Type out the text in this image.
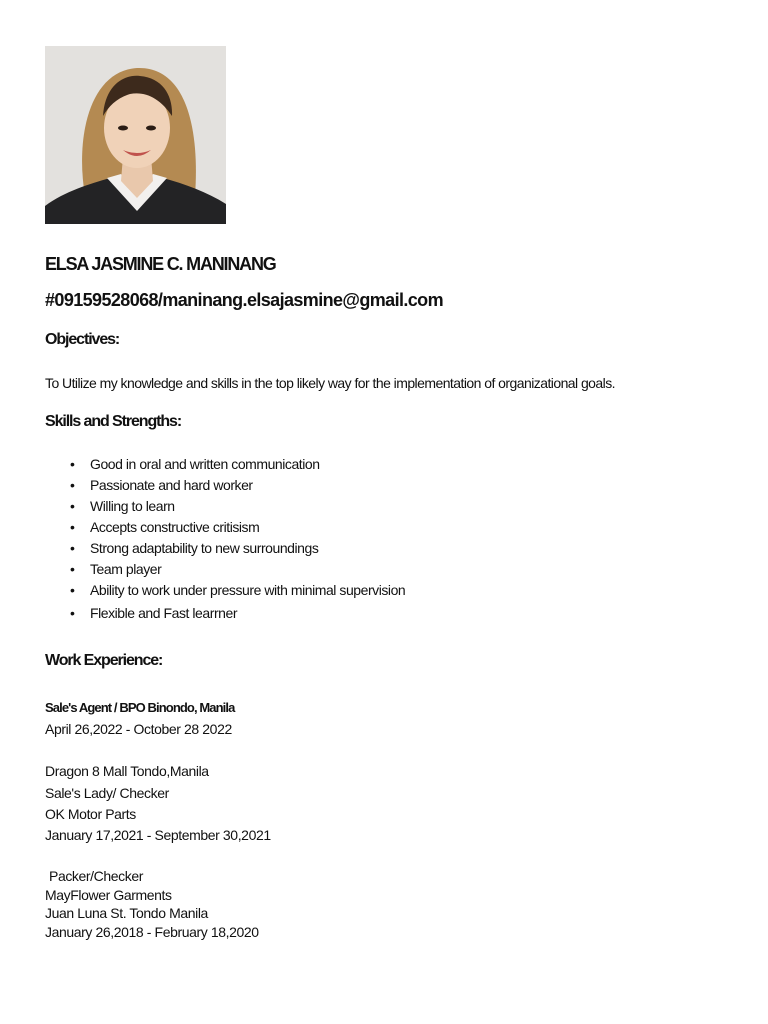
ELSA JASMINE C. MANINANG
#09159528068/maninang.elsajasmine@gmail.com
Objectives:
To Utilize my knowledge and skills in the top likely way for the implementation of organizational goals.
Skills and Strengths:
• Good in oral and written communication
• Passionate and hard worker
• Willing to learn
• Accepts constructive critisism
• Strong adaptability to new surroundings
• Team player
• Ability to work under pressure with minimal supervision
• Flexible and Fast learrner
Work Experience:
Sale's Agent / BPO Binondo, Manila
April 26,2022 - October 28 2022
Dragon 8 Mall Tondo,Manila
Sale's Lady/ Checker
OK Motor Parts
January 17,2021 - September 30,2021
Packer/Checker
MayFlower Garments
Juan Luna St. Tondo Manila
January 26,2018 - February 18,2020
